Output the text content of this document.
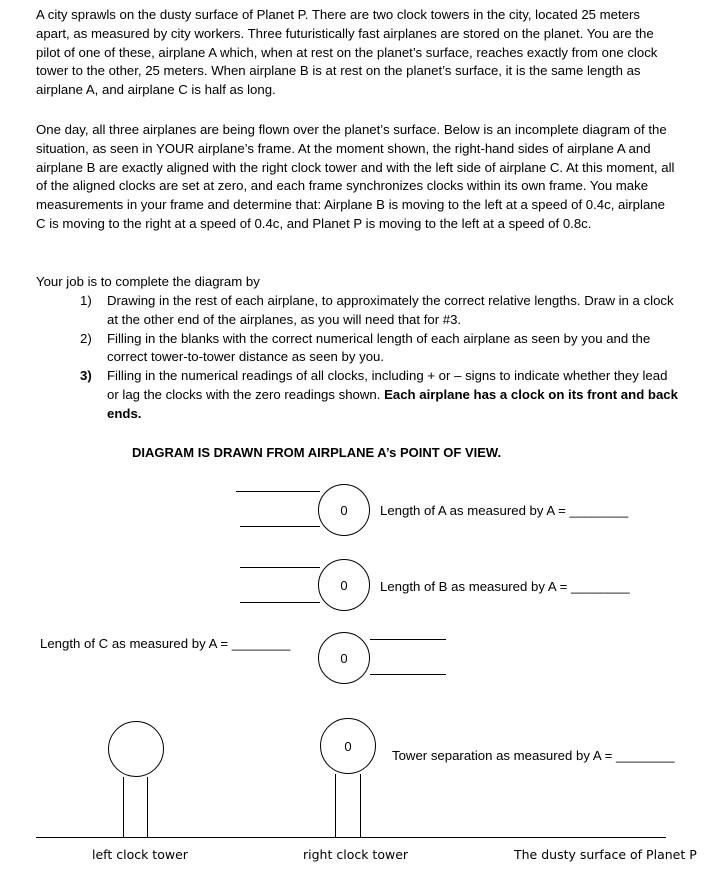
A city sprawls on the dusty surface of Planet P. There are two clock towers in the city, located 25 meters apart, as measured by city workers. Three futuristically fast airplanes are stored on the planet. You are the pilot of one of these, airplane A which, when at rest on the planet’s surface, reaches exactly from one clock tower to the other, 25 meters. When airplane B is at rest on the planet’s surface, it is the same length as airplane A, and airplane C is half as long.

One day, all three airplanes are being flown over the planet’s surface. Below is an incomplete diagram of the situation, as seen in YOUR airplane’s frame. At the moment shown, the right-hand sides of airplane A and airplane B are exactly aligned with the right clock tower and with the left side of airplane C. At this moment, all of the aligned clocks are set at zero, and each frame synchronizes clocks within its own frame. You make measurements in your frame and determine that: Airplane B is moving to the left at a speed of 0.4c, airplane C is moving to the right at a speed of 0.4c, and Planet P is moving to the left at a speed of 0.8c.

Your job is to complete the diagram by

1) Drawing in the rest of each airplane, to approximately the correct relative lengths. Draw in a clock at the other end of the airplanes, as you will need that for #3.
2) Filling in the blanks with the correct numerical length of each airplane as seen by you and the correct tower-to-tower distance as seen by you.
3) Filling in the numerical readings of all clocks, including + or – signs to indicate whether they lead or lag the clocks with the zero readings shown. Each airplane has a clock on its front and back ends.

DIAGRAM IS DRAWN FROM AIRPLANE A’s POINT OF VIEW.

0	Length of A as measured by A = ________

0	Length of B as measured by A = ________

Length of C as measured by A = ________

0
0

Tower separation as measured by A = ________

left clock tower	right clock tower	The dusty surface of Planet P
